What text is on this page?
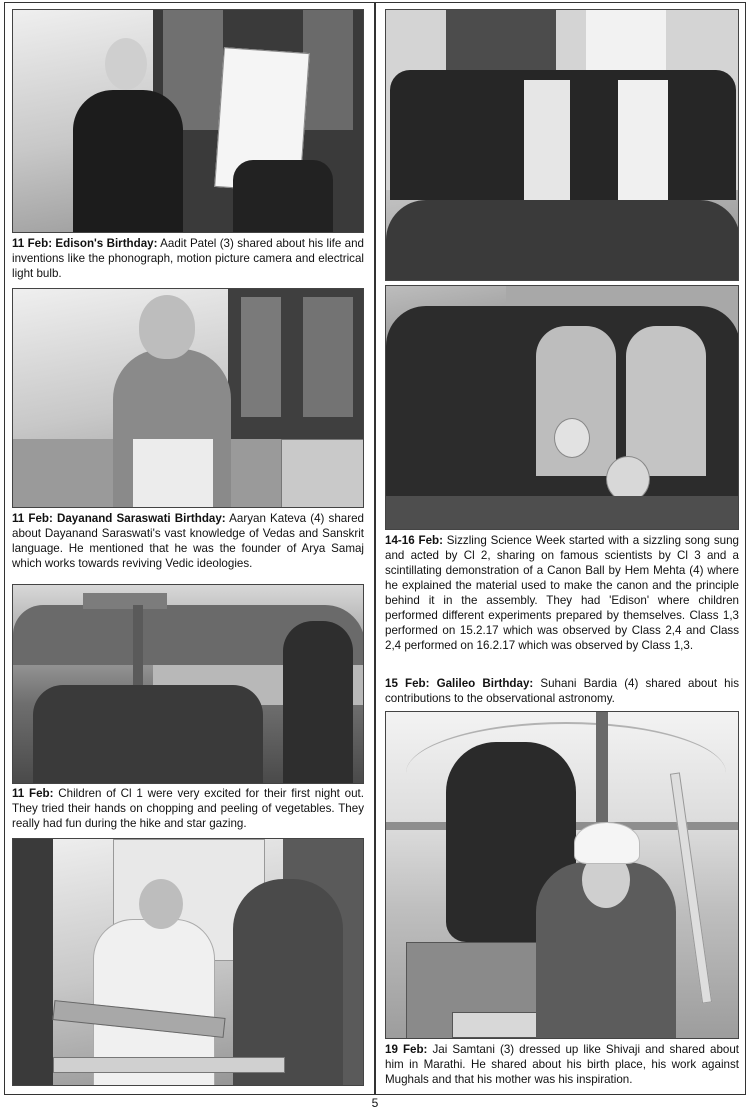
11 Feb: Edison's Birthday: Aadit Patel (3) shared about his life and inventions like the phonograph, motion picture camera and electrical light bulb.

11 Feb: Dayanand Saraswati Birthday: Aaryan Kateva (4) shared about Dayanand Saraswati's vast knowledge of Vedas and Sanskrit language. He mentioned that he was the founder of Arya Samaj which works towards reviving Vedic ideologies.

11 Feb: Children of Cl 1 were very excited for their first night out. They tried their hands on chopping and peeling of vegetables. They really had fun during the hike and star gazing.

14-16 Feb: Sizzling Science Week started with a sizzling song sung and acted by Cl 2, sharing on famous scientists by Cl 3 and a scintillating demonstration of a Canon Ball by Hem Mehta (4) where he explained the material used to make the canon and the principle behind it in the assembly. They had 'Edison' where children performed different experiments prepared by themselves. Class 1,3 performed on 15.2.17 which was observed by Class 2,4 and Class 2,4 performed on 16.2.17 which was observed by Class 1,3.

15 Feb: Galileo Birthday: Suhani Bardia (4) shared about his contributions to the observational astronomy.

19 Feb: Jai Samtani (3) dressed up like Shivaji and shared about him in Marathi. He shared about his birth place, his work against Mughals and that his mother was his inspiration.

5
